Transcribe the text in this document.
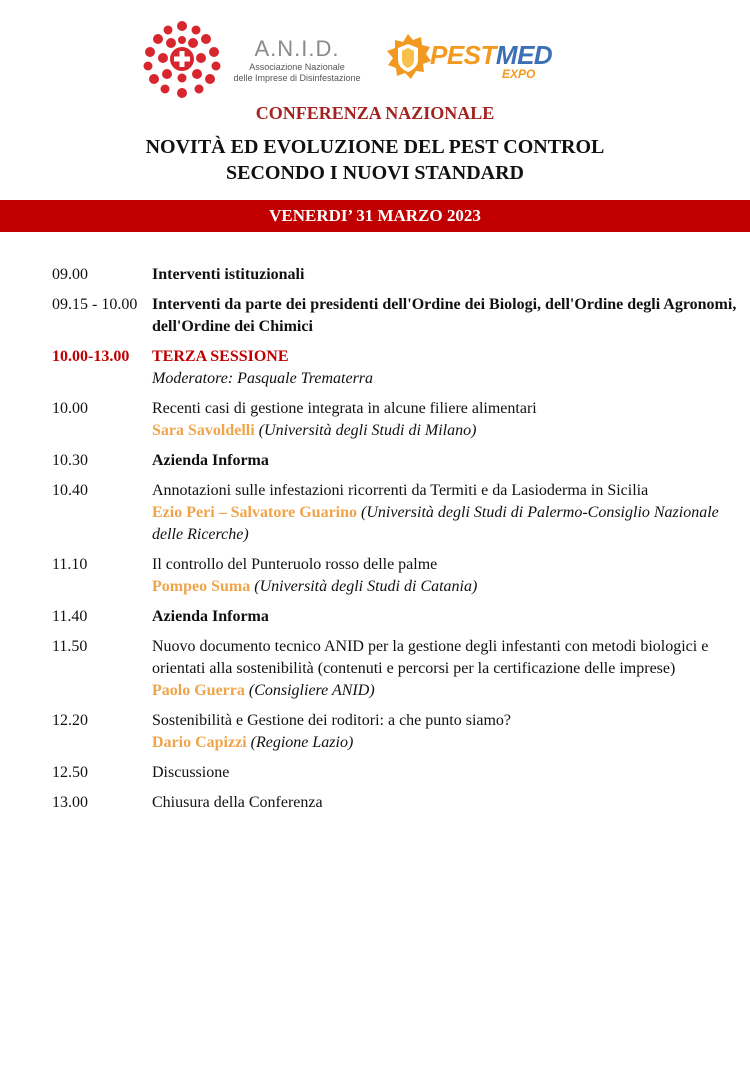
A.N.I.D.
Associazione Nazionale
delle Imprese di Disinfestazione
PESTMED
EXPO
CONFERENZA NAZIONALE
NOVITÀ ED EVOLUZIONE DEL PEST CONTROL
SECONDO I NUOVI STANDARD
VENERDI’ 31 MARZO 2023
09.00	Interventi istituzionali
09.15 - 10.00 Interventi da parte dei presidenti dell'Ordine dei Biologi, dell'Ordine degli Agronomi, dell'Ordine dei Chimici
10.00-13.00	TERZA SESSIONE
Moderatore: Pasquale Trematerra
10.00	Recenti casi di gestione integrata in alcune filiere alimentari
Sara Savoldelli (Università degli Studi di Milano)
10.30	Azienda Informa
10.40	Annotazioni sulle infestazioni ricorrenti da Termiti e da Lasioderma in Sicilia
Ezio Peri – Salvatore Guarino (Università degli Studi di Palermo-Consiglio Nazionale delle Ricerche)
11.10	Il controllo del Punteruolo rosso delle palme
Pompeo Suma (Università degli Studi di Catania)
11.40	Azienda Informa
11.50	Nuovo documento tecnico ANID per la gestione degli infestanti con metodi biologici e orientati alla sostenibilità (contenuti e percorsi per la certificazione delle imprese)
Paolo Guerra (Consigliere ANID)
12.20	Sostenibilità e Gestione dei roditori: a che punto siamo?
Dario Capizzi (Regione Lazio)
12.50	Discussione
13.00	Chiusura della Conferenza
